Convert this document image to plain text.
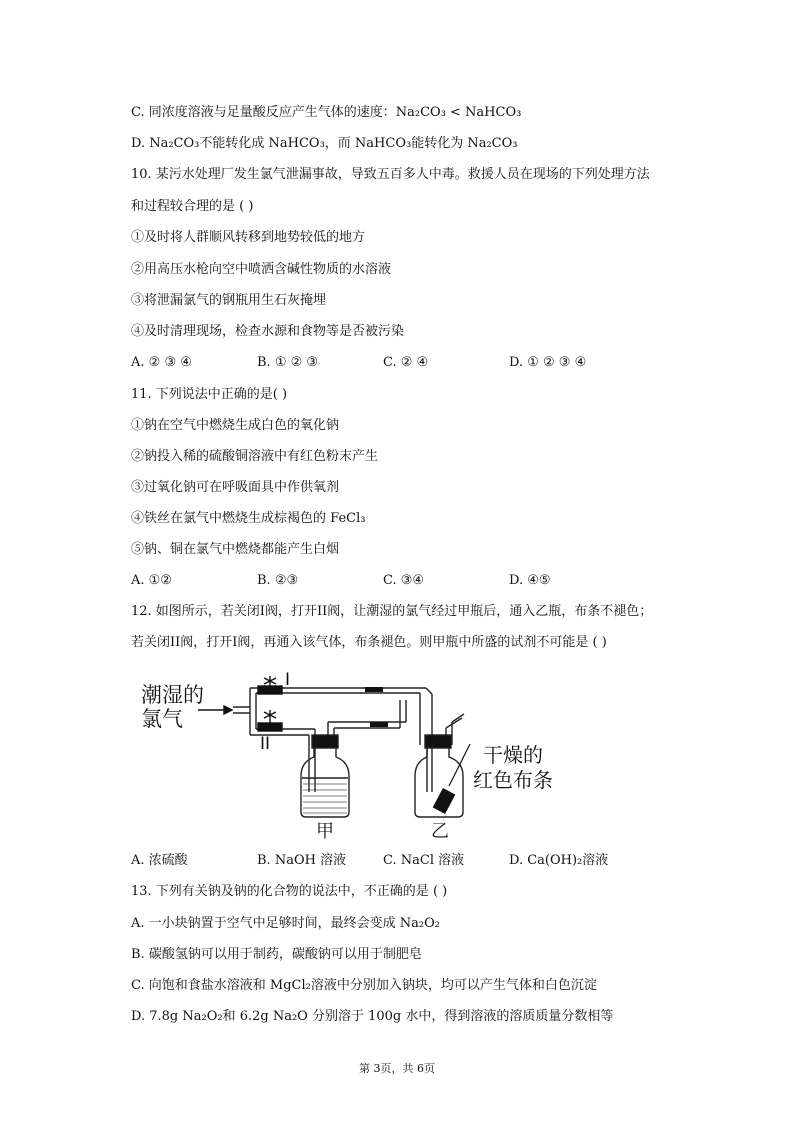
C. 同浓度溶液与足量酸反应产生气体的速度：Na₂CO₃ < NaHCO₃
D. Na₂CO₃不能转化成 NaHCO₃，而 NaHCO₃能转化为 Na₂CO₃
10. 某污水处理厂发生氯气泄漏事故，导致五百多人中毒。救援人员在现场的下列处理方法
和过程较合理的是 ( )
①及时将人群顺风转移到地势较低的地方
②用高压水枪向空中喷洒含碱性物质的水溶液
③将泄漏氯气的钢瓶用生石灰掩埋
④及时清理现场，检查水源和食物等是否被污染
A. ② ③ ④	B. ① ② ③	C. ② ④	D. ① ② ③ ④
11. 下列说法中正确的是( )
①钠在空气中燃烧生成白色的氧化钠
②钠投入稀的硫酸铜溶液中有红色粉末产生
③过氧化钠可在呼吸面具中作供氧剂
④铁丝在氯气中燃烧生成棕褐色的 FeCl₃
⑤钠、铜在氯气中燃烧都能产生白烟
A. ①②	B. ②③	C. ③④	D. ④⑤
12. 如图所示，若关闭I阀，打开II阀，让潮湿的氯气经过甲瓶后，通入乙瓶，布条不褪色；
若关闭II阀，打开I阀，再通入该气体，布条褪色。则甲瓶中所盛的试剂不可能是 ( )
潮湿的
氯气
I
II
甲	乙
干燥的
红色布条
A. 浓硫酸	B. NaOH 溶液	C. NaCl 溶液	D. Ca(OH)₂溶液
13. 下列有关钠及钠的化合物的说法中，不正确的是 ( )
A. 一小块钠置于空气中足够时间，最终会变成 Na₂O₂
B. 碳酸氢钠可以用于制药，碳酸钠可以用于制肥皂
C. 向饱和食盐水溶液和 MgCl₂溶液中分别加入钠块，均可以产生气体和白色沉淀
D. 7.8g Na₂O₂和 6.2g Na₂O 分别溶于 100g 水中，得到溶液的溶质质量分数相等
第 3页，共 6页
